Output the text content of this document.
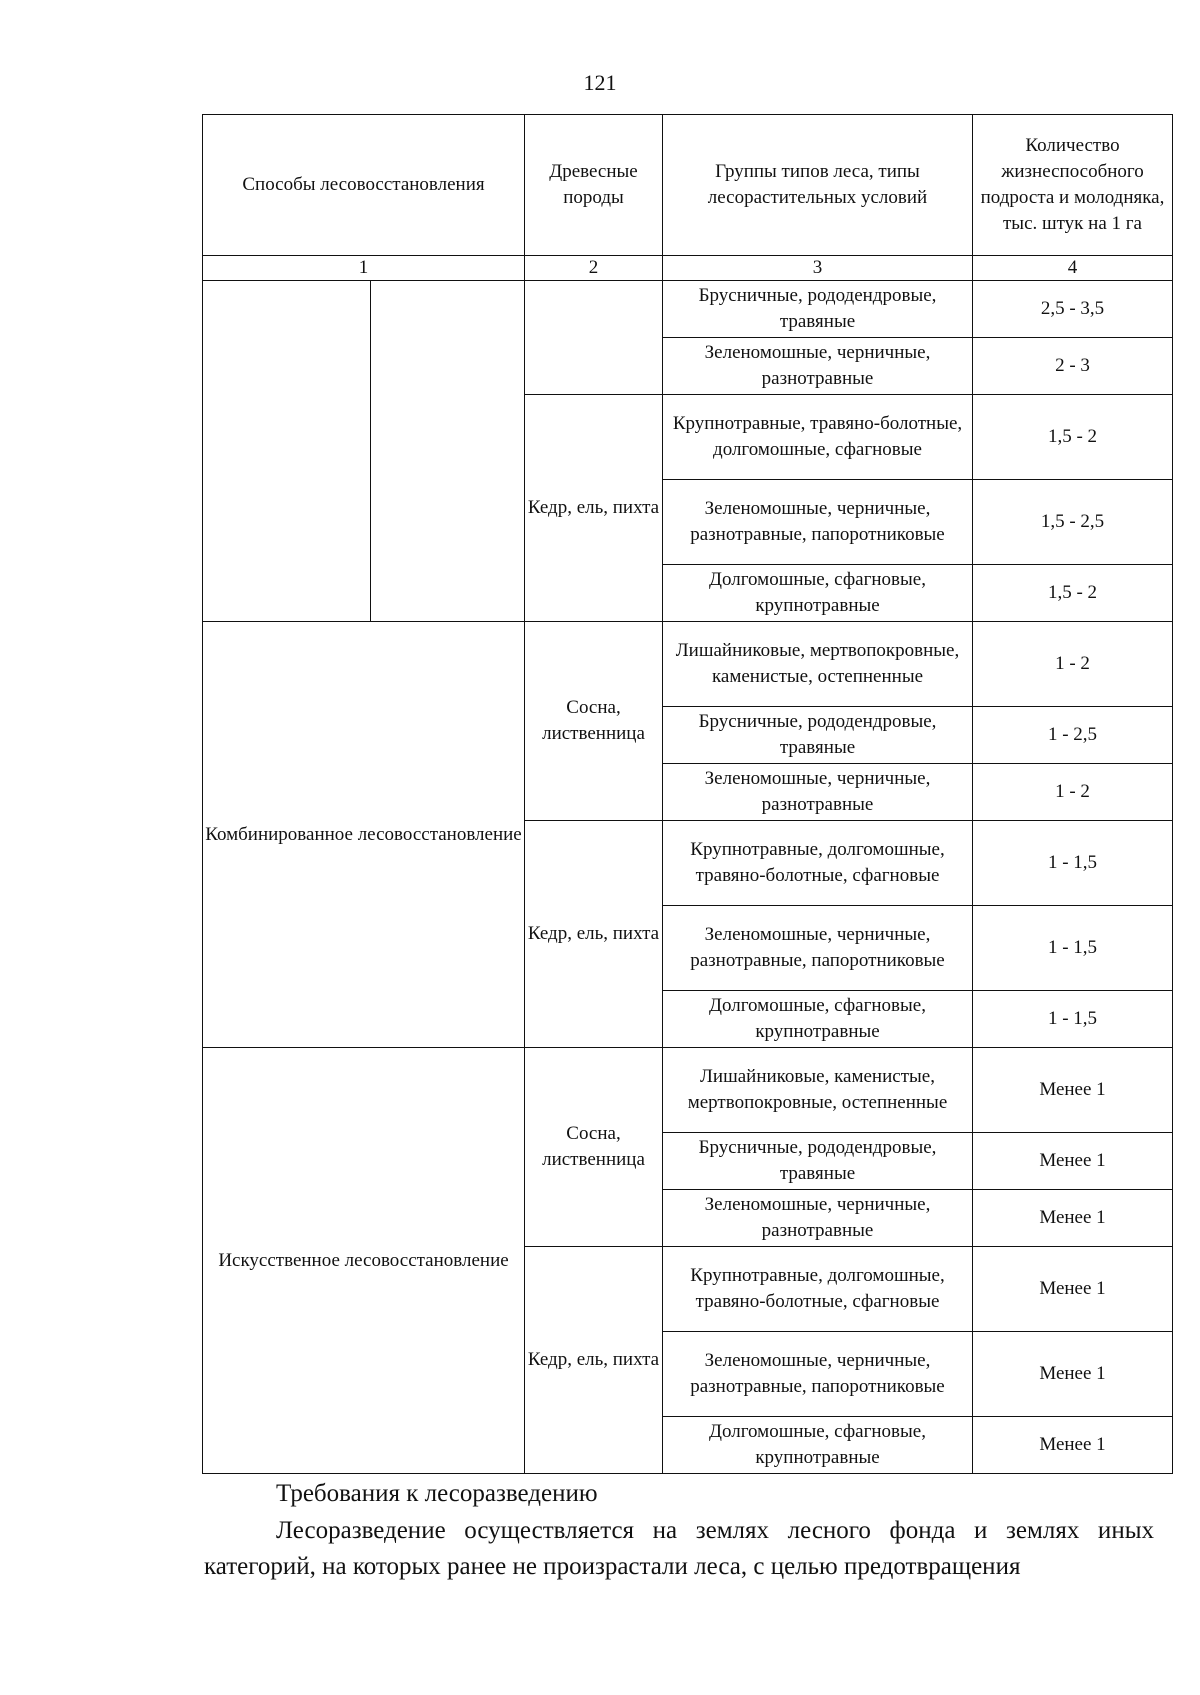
121
Способы лесовосстановления		Древесные породы	Группы типов леса, типы лесорастительных условий	Количество жизнеспособного подроста и молодняка, тыс. штук на 1 га
1		2	3	4
			Брусничные, рододендровые, травяные	2,5 - 3,5
			Зеленомошные, черничные, разнотравные	2 - 3
		Кедр, ель, пихта	Крупнотравные, травяно-болотные, долгомошные, сфагновые	1,5 - 2
			Зеленомошные, черничные, разнотравные, папоротниковые	1,5 - 2,5
			Долгомошные, сфагновые, крупнотравные	1,5 - 2
Комбинированное лесовосстановление		Сосна, лиственница	Лишайниковые, мертвопокровные, каменистые, остепненные	1 - 2
			Брусничные, рододендровые, травяные	1 - 2,5
			Зеленомошные, черничные, разнотравные	1 - 2
		Кедр, ель, пихта	Крупнотравные, долгомошные, травяно-болотные, сфагновые	1 - 1,5
			Зеленомошные, черничные, разнотравные, папоротниковые	1 - 1,5
			Долгомошные, сфагновые, крупнотравные	1 - 1,5
Искусственное лесовосстановление		Сосна, лиственница	Лишайниковые, каменистые, мертвопокровные, остепненные	Менее 1
			Брусничные, рододендровые, травяные	Менее 1
			Зеленомошные, черничные, разнотравные	Менее 1
		Кедр, ель, пихта	Крупнотравные, долгомошные, травяно-болотные, сфагновые	Менее 1
			Зеленомошные, черничные, разнотравные, папоротниковые	Менее 1
			Долгомошные, сфагновые, крупнотравные	Менее 1
Требования к лесоразведению
Лесоразведение осуществляется на землях лесного фонда и землях иных категорий, на которых ранее не произрастали леса, с целью предотвращения
